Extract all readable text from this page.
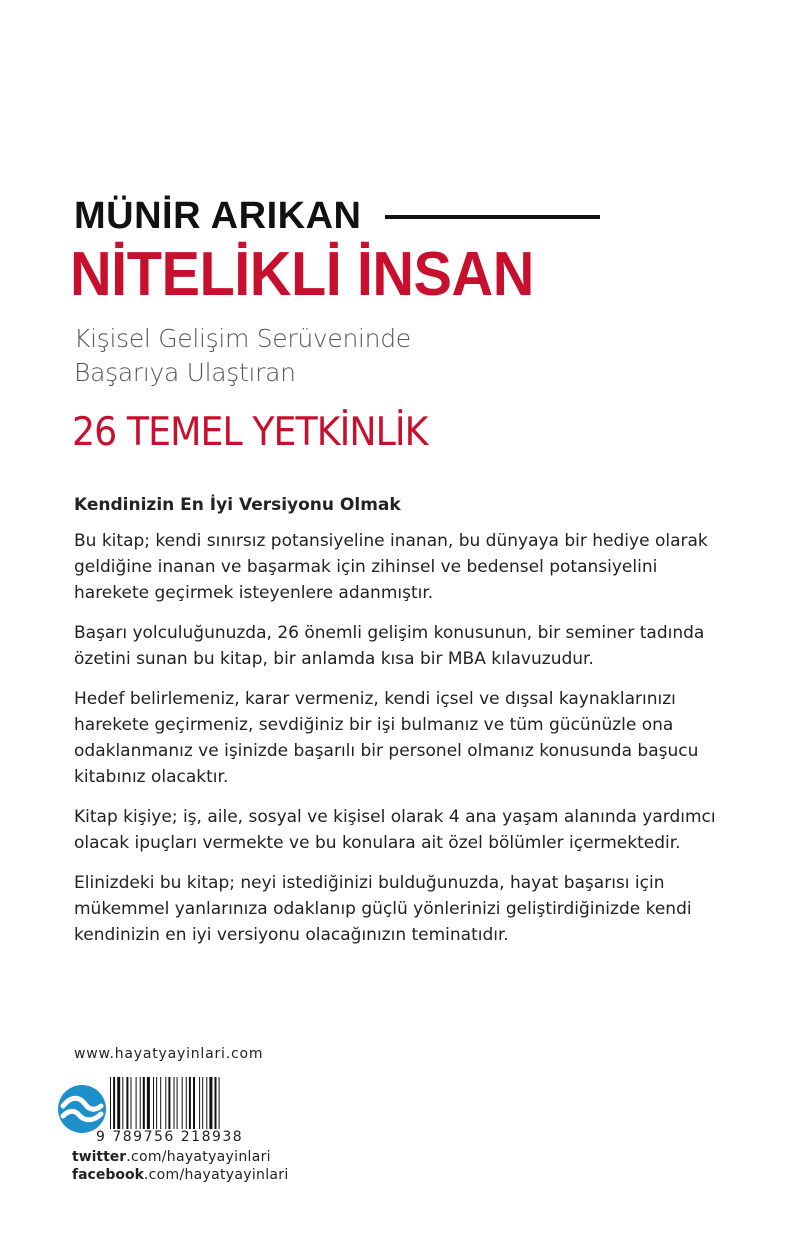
MÜNİR ARIKAN
NİTELİKLİ İNSAN
Kişisel Gelişim Serüveninde
Başarıya Ulaştıran
26 TEMEL YETKİNLİK
Kendinizin En İyi Versiyonu Olmak

Bu kitap; kendi sınırsız potansiyeline inanan, bu dünyaya bir hediye olarak geldiğine inanan ve başarmak için zihinsel ve bedensel potansiyelini harekete geçirmek isteyenlere adanmıştır.

Başarı yolculuğunuzda, 26 önemli gelişim konusunun, bir seminer tadında özetini sunan bu kitap, bir anlamda kısa bir MBA kılavuzudur.

Hedef belirlemeniz, karar vermeniz, kendi içsel ve dışsal kaynaklarınızı harekete geçirmeniz, sevdiğiniz bir işi bulmanız ve tüm gücünüzle ona odaklanmanız ve işinizde başarılı bir personel olmanız konusunda başucu kitabınız olacaktır.

Kitap kişiye; iş, aile, sosyal ve kişisel olarak 4 ana yaşam alanında yardımcı olacak ipuçları vermekte ve bu konulara ait özel bölümler içermektedir.

Elinizdeki bu kitap; neyi istediğinizi bulduğunuzda, hayat başarısı için mükemmel yanlarınıza odaklanıp güçlü yönlerinizi geliştirdiğinizde kendi kendinizin en iyi versiyonu olacağınızın teminatıdır.

www.hayatyayinlari.com
9 789756 218938
twitter.com/hayatyayinlari
facebook.com/hayatyayinlari
